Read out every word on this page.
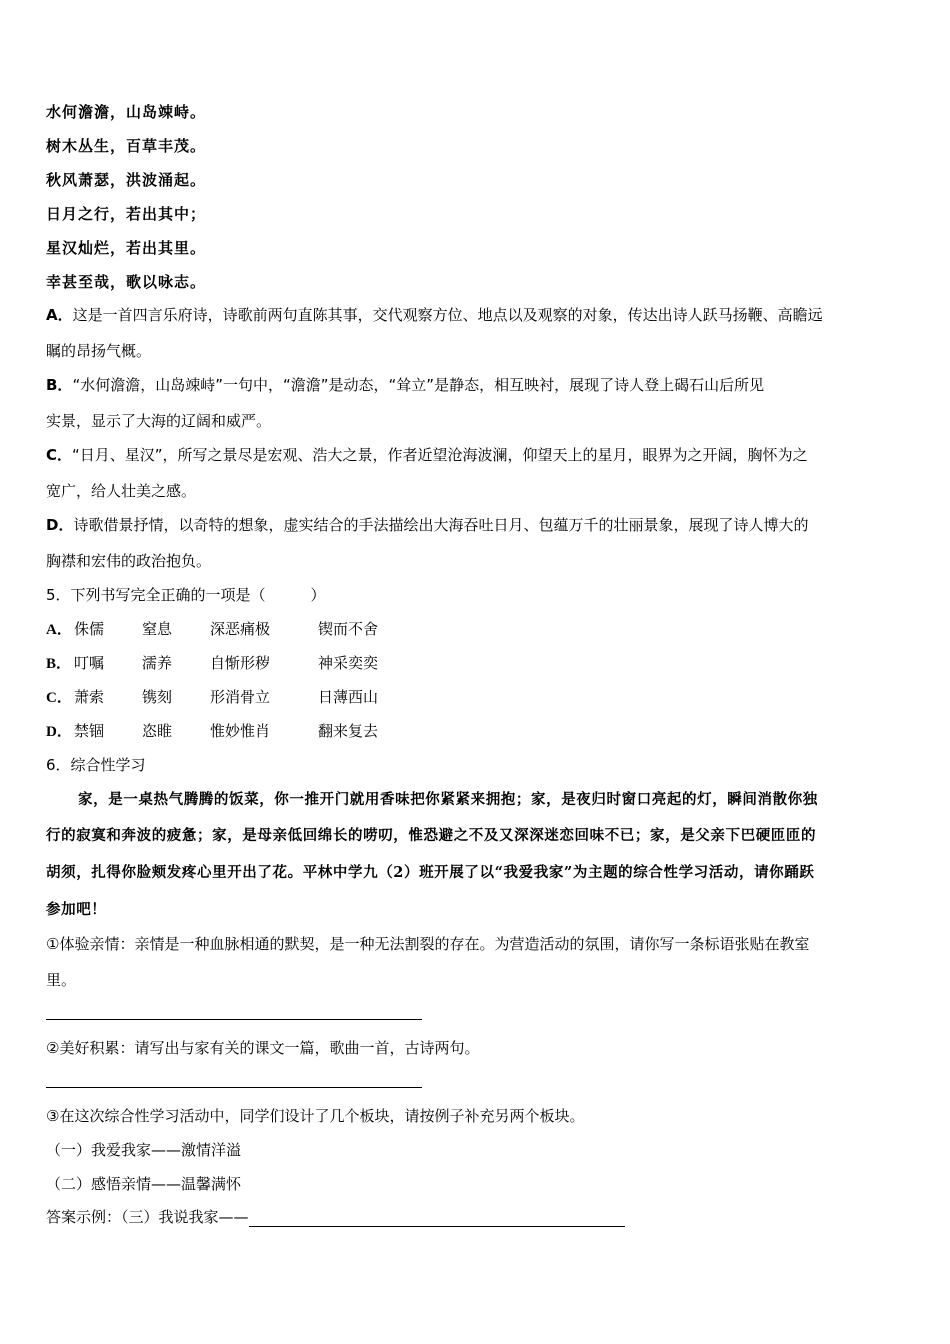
水何澹澹，山岛竦峙。
树木丛生，百草丰茂。
秋风萧瑟，洪波涌起。
日月之行，若出其中；
星汉灿烂，若出其里。
幸甚至哉，歌以咏志。
A．这是一首四言乐府诗，诗歌前两句直陈其事，交代观察方位、地点以及观察的对象，传达出诗人跃马扬鞭、高瞻远
瞩的昂扬气概。
B．“水何澹澹，山岛竦峙”一句中，“澹澹”是动态，“耸立”是静态，相互映衬，展现了诗人登上碣石山后所见
实景，显示了大海的辽阔和威严。
C．“日月、星汉”，所写之景尽是宏观、浩大之景，作者近望沧海波澜，仰望天上的星月，眼界为之开阔，胸怀为之
宽广，给人壮美之感。
D．诗歌借景抒情，以奇特的想象，虚实结合的手法描绘出大海吞吐日月、包蕴万千的壮丽景象，展现了诗人博大的
胸襟和宏伟的政治抱负。
5．下列书写完全正确的一项是（　　　）
A． 侏儒	窒息	深恶痛极	锲而不舍
B． 叮嘱	濡养	自惭形秽	神采奕奕
C． 萧索	镌刻	形消骨立	日薄西山
D． 禁锢	恣睢	惟妙惟肖	翻来复去
6．综合性学习
家，是一桌热气腾腾的饭菜，你一推开门就用香味把你紧紧来拥抱；家，是夜归时窗口亮起的灯，瞬间消散你独
行的寂寞和奔波的疲惫；家，是母亲低回绵长的唠叨，惟恐避之不及又深深迷恋回味不已；家，是父亲下巴硬匝匝的
胡须，扎得你脸颊发疼心里开出了花。平林中学九（2）班开展了以“我爱我家”为主题的综合性学习活动，请你踊跃
参加吧！
①体验亲情：亲情是一种血脉相通的默契，是一种无法割裂的存在。为营造活动的氛围，请你写一条标语张贴在教室
里。
②美好积累：请写出与家有关的课文一篇，歌曲一首，古诗两句。
③在这次综合性学习活动中，同学们设计了几个板块，请按例子补充另两个板块。
（一）我爱我家——激情洋溢
（二）感悟亲情——温馨满怀
答案示例：（三）我说我家——
